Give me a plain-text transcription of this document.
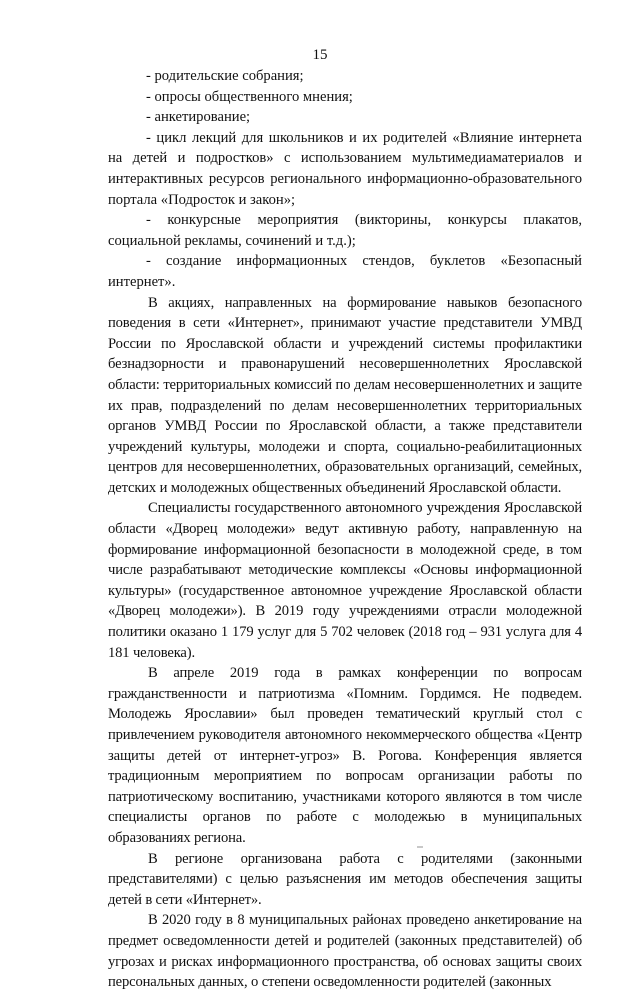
15

- родительские собрания;

- опросы общественного мнения;

- анкетирование;

- цикл лекций для школьников и их родителей «Влияние интернета на детей и подростков» с использованием мультимедиаматериалов и интерактивных ресурсов регионального информационно-образовательного портала «Подросток и закон»;

- конкурсные мероприятия (викторины, конкурсы плакатов, социальной рекламы, сочинений и т.д.);

- создание информационных стендов, буклетов «Безопасный интернет».

В акциях, направленных на формирование навыков безопасного поведения в сети «Интернет», принимают участие представители УМВД России по Ярославской области и учреждений системы профилактики безнадзорности и правонарушений несовершеннолетних Ярославской области: территориальных комиссий по делам несовершеннолетних и защите их прав, подразделений по делам несовершеннолетних территориальных органов УМВД России по Ярославской области, а также представители учреждений культуры, молодежи и спорта, социально-реабилитационных центров для несовершеннолетних, образовательных организаций, семейных, детских и молодежных общественных объединений Ярославской области.

Специалисты государственного автономного учреждения Ярославской области «Дворец молодежи» ведут активную работу, направленную на формирование информационной безопасности в молодежной среде, в том числе разрабатывают методические комплексы «Основы информационной культуры» (государственное автономное учреждение Ярославской области «Дворец молодежи»). В 2019 году учреждениями отрасли молодежной политики оказано 1 179 услуг для 5 702 человек (2018 год – 931 услуга для 4 181 человека).

В апреле 2019 года в рамках конференции по вопросам гражданственности и патриотизма «Помним. Гордимся. Не подведем. Молодежь Ярославии» был проведен тематический круглый стол с привлечением руководителя автономного некоммерческого общества «Центр защиты детей от интернет-угроз» В. Рогова. Конференция является традиционным мероприятием по вопросам организации работы по патриотическому воспитанию, участниками которого являются в том числе специалисты органов по работе с молодежью в муниципальных образованиях региона.

В регионе организована работа с родителями (законными представителями) с целью разъяснения им методов обеспечения защиты детей в сети «Интернет».

В 2020 году в 8 муниципальных районах проведено анкетирование на предмет осведомленности детей и родителей (законных представителей) об угрозах и рисках информационного пространства, об основах защиты своих персональных данных, о степени осведомленности родителей (законных
